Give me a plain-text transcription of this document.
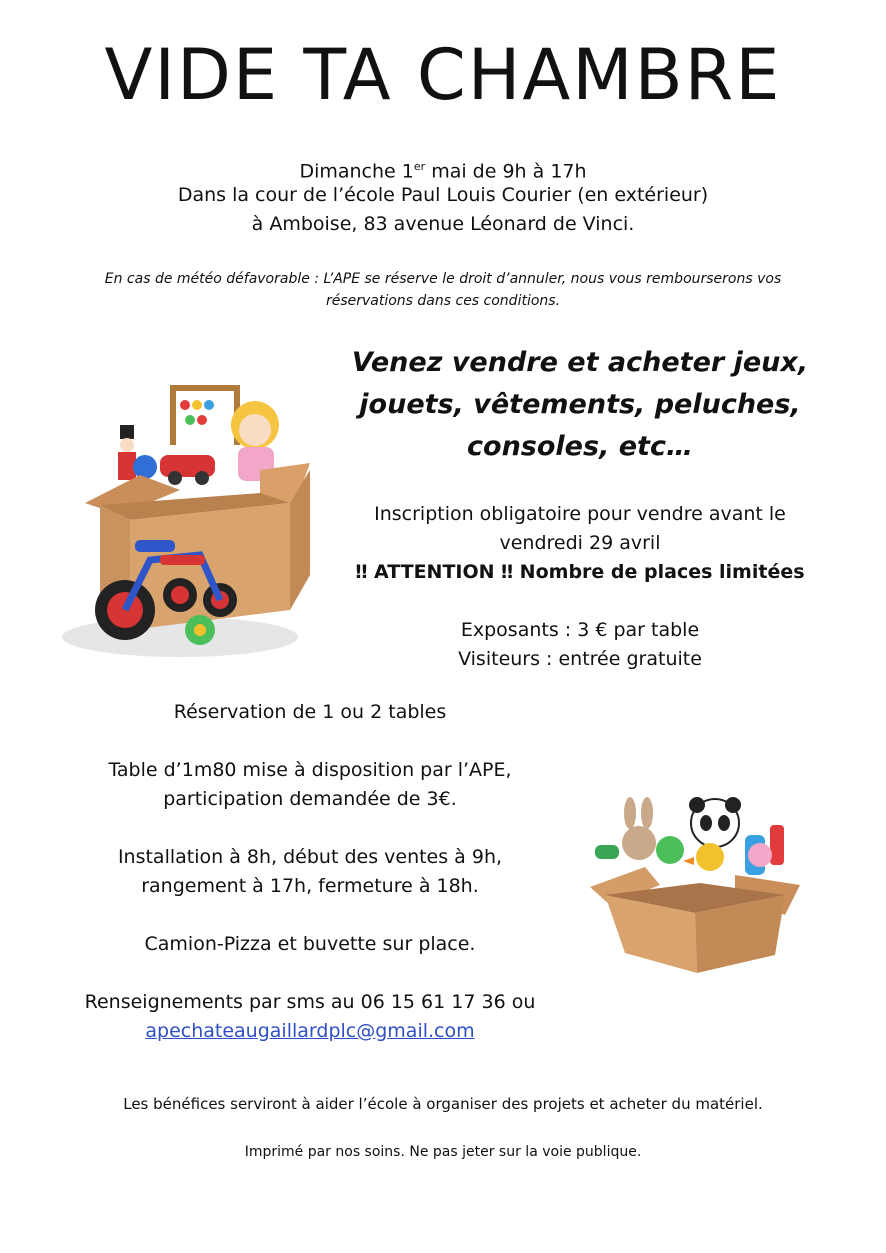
VIDE TA CHAMBRE
Dimanche 1er mai de 9h à 17h
Dans la cour de l’école Paul Louis Courier (en extérieur)
à Amboise, 83 avenue Léonard de Vinci.
En cas de météo défavorable : L’APE se réserve le droit d’annuler, nous vous rembourserons vos
réservations dans ces conditions.
Venez vendre et acheter jeux,
jouets, vêtements, peluches,
consoles, etc…
Inscription obligatoire pour vendre avant le
vendredi 29 avril
‼ ATTENTION ‼ Nombre de places limitées
Exposants : 3 € par table
Visiteurs : entrée gratuite
Réservation de 1 ou 2 tables
Table d’1m80 mise à disposition par l’APE,
participation demandée de 3€.
Installation à 8h, début des ventes à 9h,
rangement à 17h, fermeture à 18h.
Camion-Pizza et buvette sur place.
Renseignements par sms au 06 15 61 17 36 ou
apechateaugaillardplc@gmail.com
Les bénéfices serviront à aider l’école à organiser des projets et acheter du matériel.
Imprimé par nos soins. Ne pas jeter sur la voie publique.
